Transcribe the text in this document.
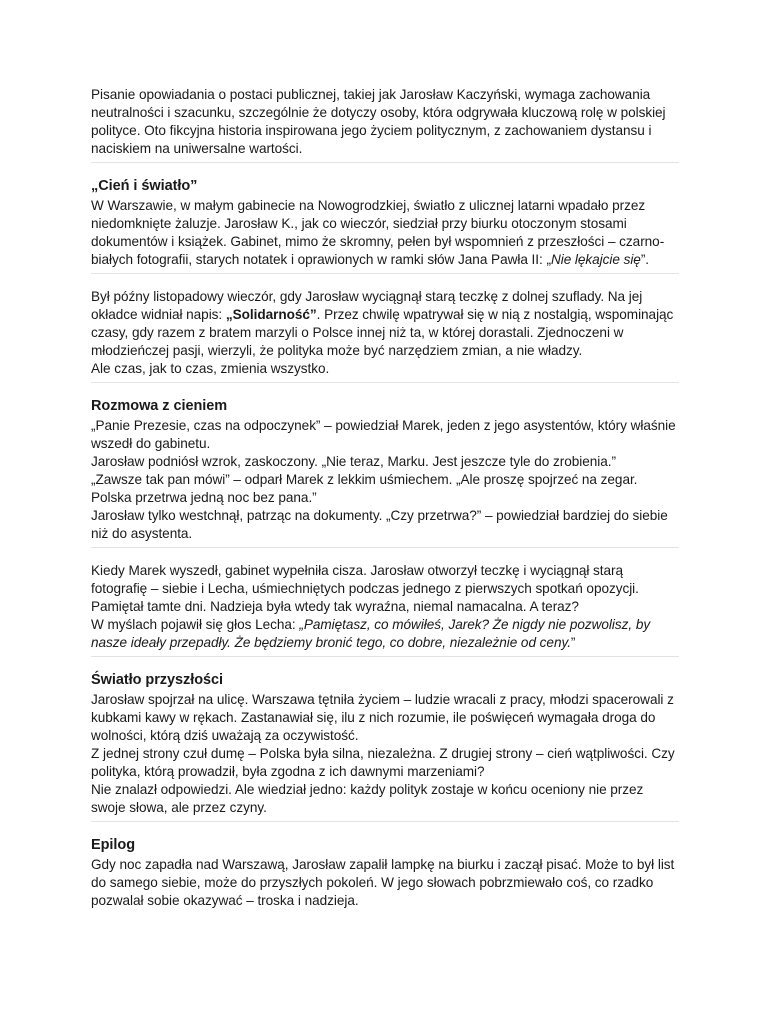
Pisanie opowiadania o postaci publicznej, takiej jak Jarosław Kaczyński, wymaga zachowania neutralności i szacunku, szczególnie że dotyczy osoby, która odgrywała kluczową rolę w polskiej polityce. Oto fikcyjna historia inspirowana jego życiem politycznym, z zachowaniem dystansu i naciskiem na uniwersalne wartości.

„Cień i światło”

W Warszawie, w małym gabinecie na Nowogrodzkiej, światło z ulicznej latarni wpadało przez niedomknięte żaluzje. Jarosław K., jak co wieczór, siedział przy biurku otoczonym stosami dokumentów i książek. Gabinet, mimo że skromny, pełen był wspomnień z przeszłości – czarno-białych fotografii, starych notatek i oprawionych w ramki słów Jana Pawła II: „Nie lękajcie się”.

Był późny listopadowy wieczór, gdy Jarosław wyciągnął starą teczkę z dolnej szuflady. Na jej okładce widniał napis: „Solidarność”. Przez chwilę wpatrywał się w nią z nostalgią, wspominając czasy, gdy razem z bratem marzyli o Polsce innej niż ta, w której dorastali. Zjednoczeni w młodzieńczej pasji, wierzyli, że polityka może być narzędziem zmian, a nie władzy.

Ale czas, jak to czas, zmienia wszystko.

Rozmowa z cieniem

„Panie Prezesie, czas na odpoczynek” – powiedział Marek, jeden z jego asystentów, który właśnie wszedł do gabinetu.

Jarosław podniósł wzrok, zaskoczony. „Nie teraz, Marku. Jest jeszcze tyle do zrobienia.”

„Zawsze tak pan mówi” – odparł Marek z lekkim uśmiechem. „Ale proszę spojrzeć na zegar. Polska przetrwa jedną noc bez pana.”

Jarosław tylko westchnął, patrząc na dokumenty. „Czy przetrwa?” – powiedział bardziej do siebie niż do asystenta.

Kiedy Marek wyszedł, gabinet wypełniła cisza. Jarosław otworzył teczkę i wyciągnął starą fotografię – siebie i Lecha, uśmiechniętych podczas jednego z pierwszych spotkań opozycji.

Pamiętał tamte dni. Nadzieja była wtedy tak wyraźna, niemal namacalna. A teraz?

W myślach pojawił się głos Lecha: „Pamiętasz, co mówiłeś, Jarek? Że nigdy nie pozwolisz, by nasze ideały przepadły. Że będziemy bronić tego, co dobre, niezależnie od ceny.”

Światło przyszłości

Jarosław spojrzał na ulicę. Warszawa tętniła życiem – ludzie wracali z pracy, młodzi spacerowali z kubkami kawy w rękach. Zastanawiał się, ilu z nich rozumie, ile poświęceń wymagała droga do wolności, którą dziś uważają za oczywistość.

Z jednej strony czuł dumę – Polska była silna, niezależna. Z drugiej strony – cień wątpliwości. Czy polityka, którą prowadził, była zgodna z ich dawnymi marzeniami?

Nie znalazł odpowiedzi. Ale wiedział jedno: każdy polityk zostaje w końcu oceniony nie przez swoje słowa, ale przez czyny.

Epilog

Gdy noc zapadła nad Warszawą, Jarosław zapalił lampkę na biurku i zaczął pisać. Może to był list do samego siebie, może do przyszłych pokoleń. W jego słowach pobrzmiewało coś, co rzadko pozwalał sobie okazywać – troska i nadzieja.
